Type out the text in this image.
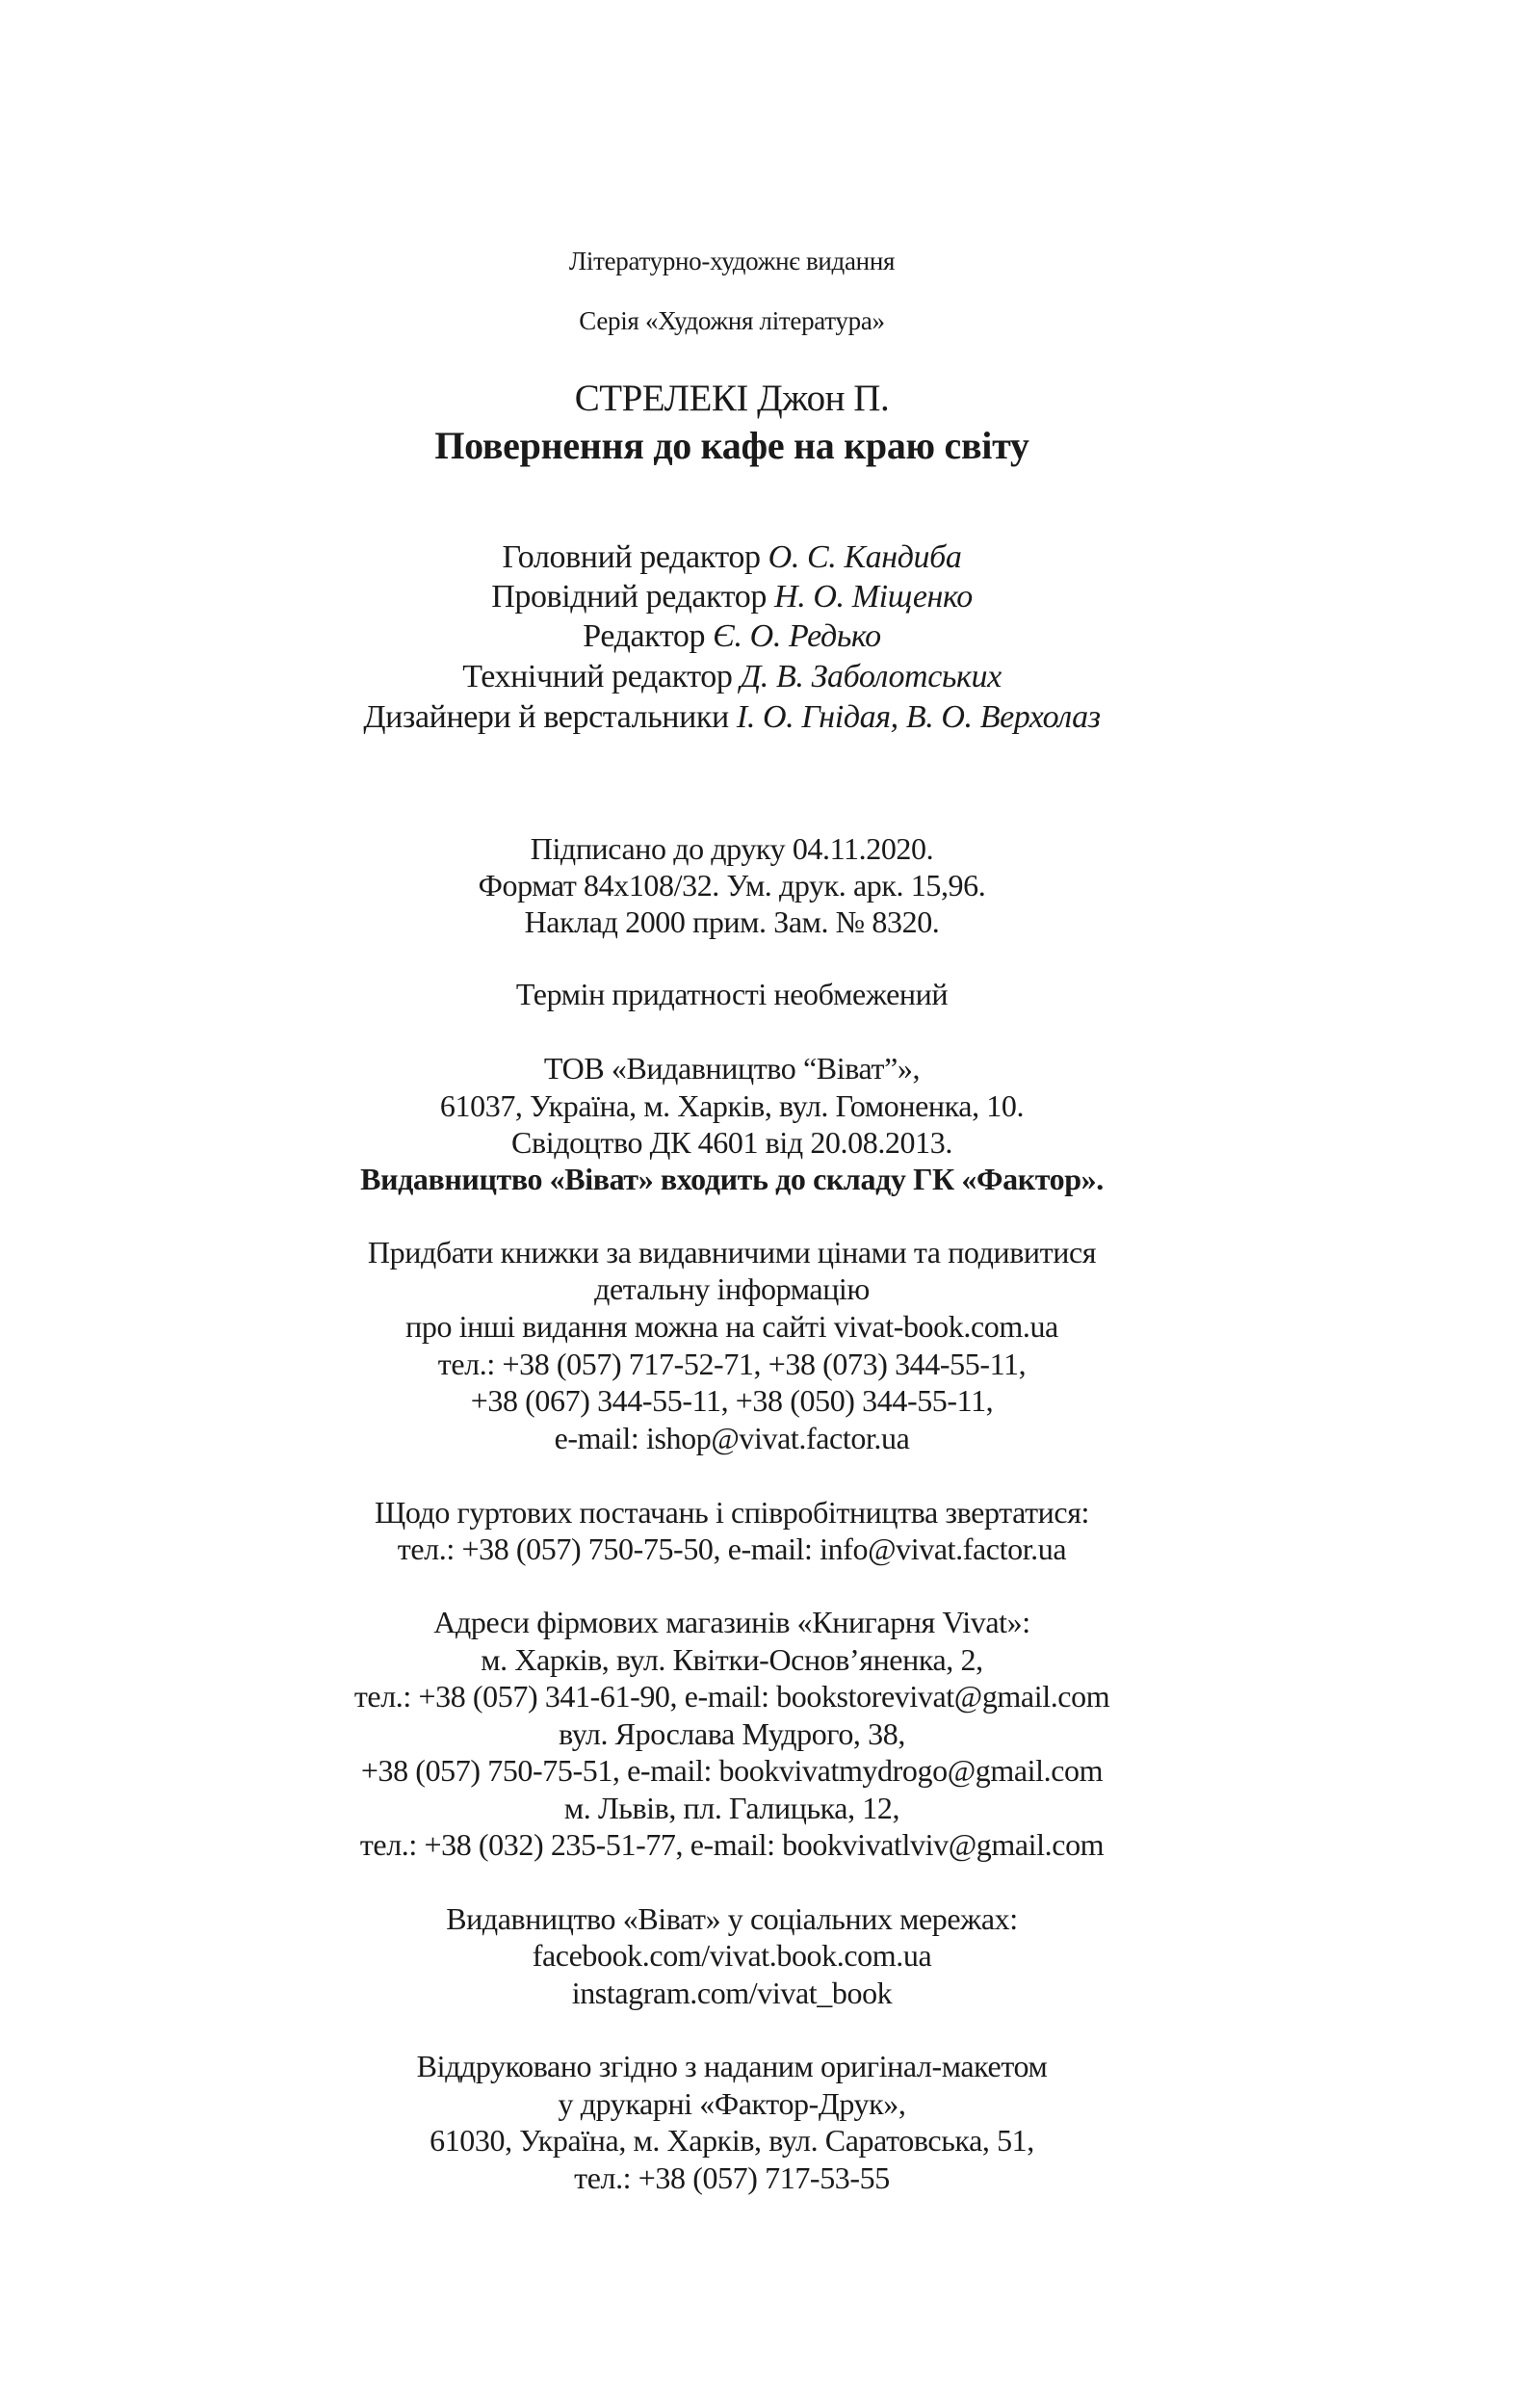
Літературно-художнє видання
Серія «Художня література»
СТРЕЛЕКІ Джон П.
Повернення до кафе на краю світу
Головний редактор О. С. Кандиба
Провідний редактор Н. О. Міщенко
Редактор Є. О. Редько
Технічний редактор Д. В. Заболотських
Дизайнери й верстальники І. О. Гнідая, В. О. Верхолаз
Підписано до друку 04.11.2020.
Формат 84x108/32. Ум. друк. арк. 15,96.
Наклад 2000 прим. Зам. № 8320.
Термін придатності необмежений
ТОВ «Видавництво “Віват”»,
61037, Україна, м. Харків, вул. Гомоненка, 10.
Свідоцтво ДК 4601 від 20.08.2013.
Видавництво «Віват» входить до складу ГК «Фактор».
Придбати книжки за видавничими цінами та подивитися
детальну інформацію
про інші видання можна на сайті vivat-book.com.ua
тел.: +38 (057) 717-52-71, +38 (073) 344-55-11,
+38 (067) 344-55-11, +38 (050) 344-55-11,
e-mail: ishop@vivat.factor.ua
Щодо гуртових постачань і співробітництва звертатися:
тел.: +38 (057) 750-75-50, e-mail: info@vivat.factor.ua
Адреси фірмових магазинів «Книгарня Vivat»:
м. Харків, вул. Квітки-Основ’яненка, 2,
тел.: +38 (057) 341-61-90, e-mail: bookstorevivat@gmail.com
вул. Ярослава Мудрого, 38,
+38 (057) 750-75-51, e-mail: bookvivatmydrogo@gmail.com
м. Львів, пл. Галицька, 12,
тел.: +38 (032) 235-51-77, e-mail: bookvivatlviv@gmail.com
Видавництво «Віват» у соціальних мережах:
facebook.com/vivat.book.com.ua
instagram.com/vivat_book
Віддруковано згідно з наданим оригінал-макетом
у друкарні «Фактор-Друк»,
61030, Україна, м. Харків, вул. Саратовська, 51,
тел.: +38 (057) 717-53-55
